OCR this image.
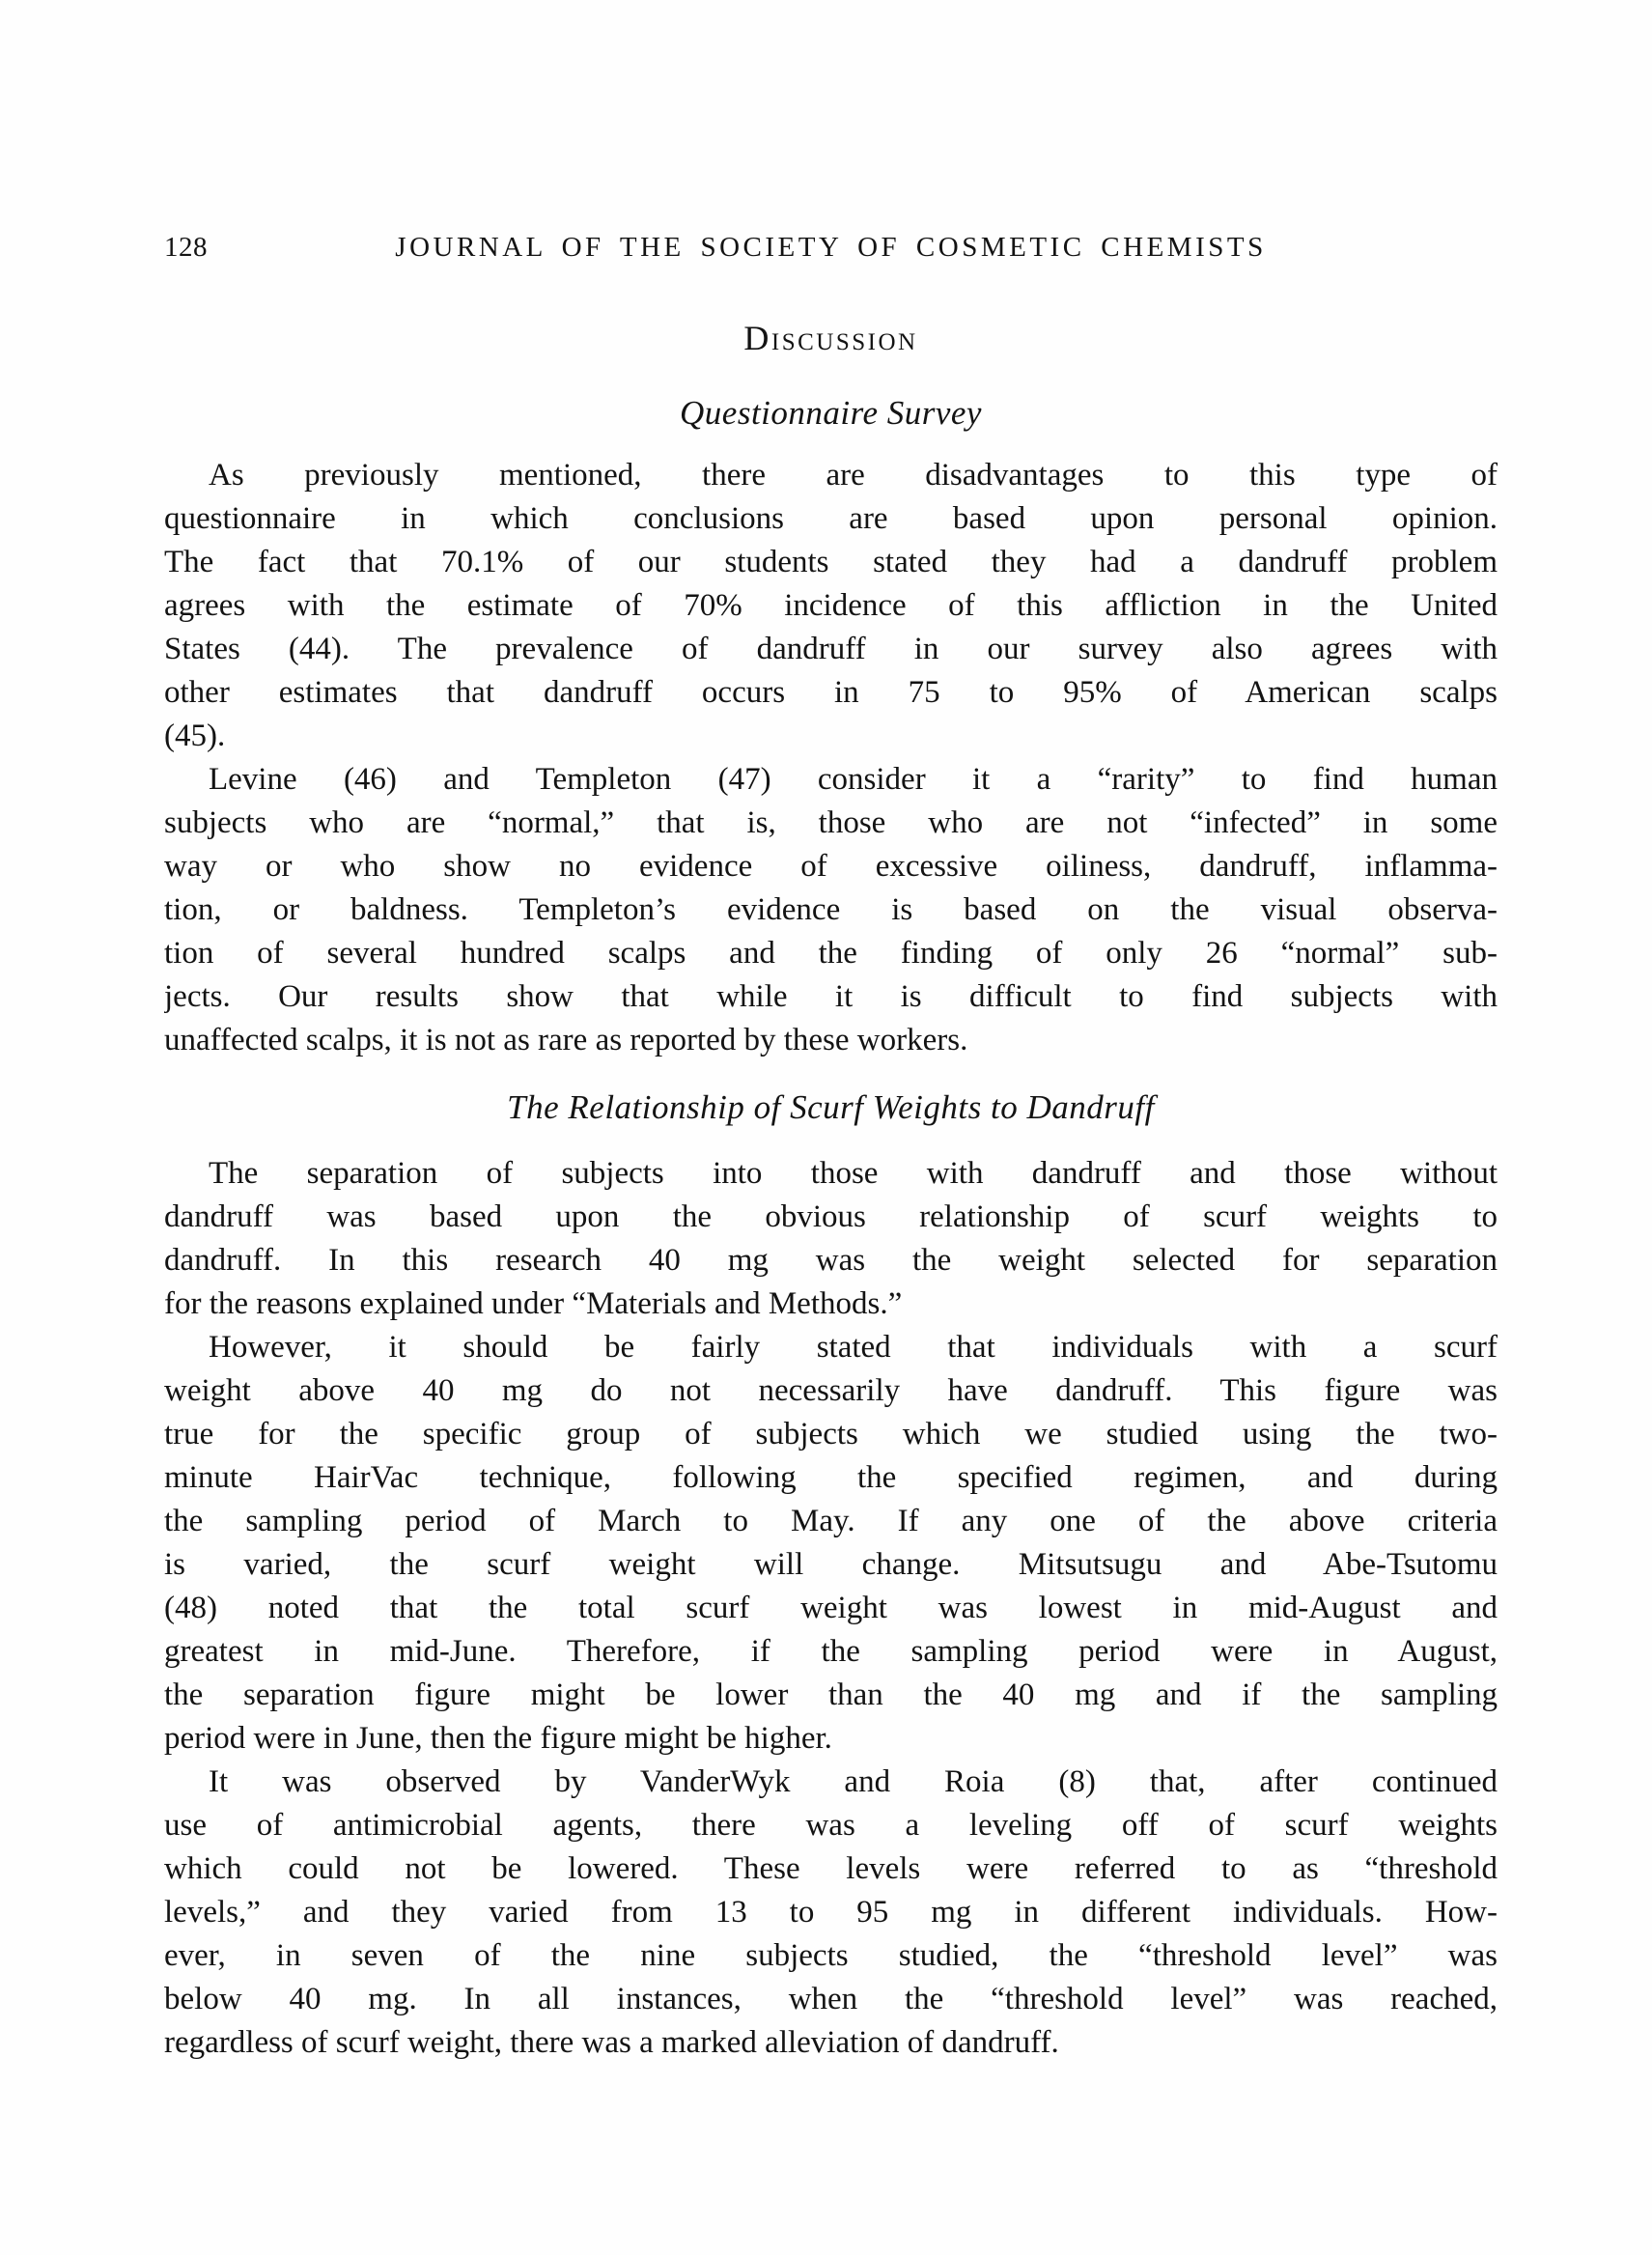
128	JOURNAL OF THE SOCIETY OF COSMETIC CHEMISTS
Discussion
Questionnaire Survey
As previously mentioned, there are disadvantages to this type of
questionnaire in which conclusions are based upon personal opinion.
The fact that 70.1% of our students stated they had a dandruff problem
agrees with the estimate of 70% incidence of this affliction in the United
States (44). The prevalence of dandruff in our survey also agrees with
other estimates that dandruff occurs in 75 to 95% of American scalps
(45).
Levine (46) and Templeton (47) consider it a “rarity” to find human
subjects who are “normal,” that is, those who are not “infected” in some
way or who show no evidence of excessive oiliness, dandruff, inflamma-
tion, or baldness. Templeton’s evidence is based on the visual observa-
tion of several hundred scalps and the finding of only 26 “normal” sub-
jects. Our results show that while it is difficult to find subjects with
unaffected scalps, it is not as rare as reported by these workers.
The Relationship of Scurf Weights to Dandruff
The separation of subjects into those with dandruff and those without
dandruff was based upon the obvious relationship of scurf weights to
dandruff. In this research 40 mg was the weight selected for separation
for the reasons explained under “Materials and Methods.”
However, it should be fairly stated that individuals with a scurf
weight above 40 mg do not necessarily have dandruff. This figure was
true for the specific group of subjects which we studied using the two-
minute HairVac technique, following the specified regimen, and during
the sampling period of March to May. If any one of the above criteria
is varied, the scurf weight will change. Mitsutsugu and Abe-Tsutomu
(48) noted that the total scurf weight was lowest in mid-August and
greatest in mid-June. Therefore, if the sampling period were in August,
the separation figure might be lower than the 40 mg and if the sampling
period were in June, then the figure might be higher.
It was observed by VanderWyk and Roia (8) that, after continued
use of antimicrobial agents, there was a leveling off of scurf weights
which could not be lowered. These levels were referred to as “threshold
levels,” and they varied from 13 to 95 mg in different individuals. How-
ever, in seven of the nine subjects studied, the “threshold level” was
below 40 mg. In all instances, when the “threshold level” was reached,
regardless of scurf weight, there was a marked alleviation of dandruff.
